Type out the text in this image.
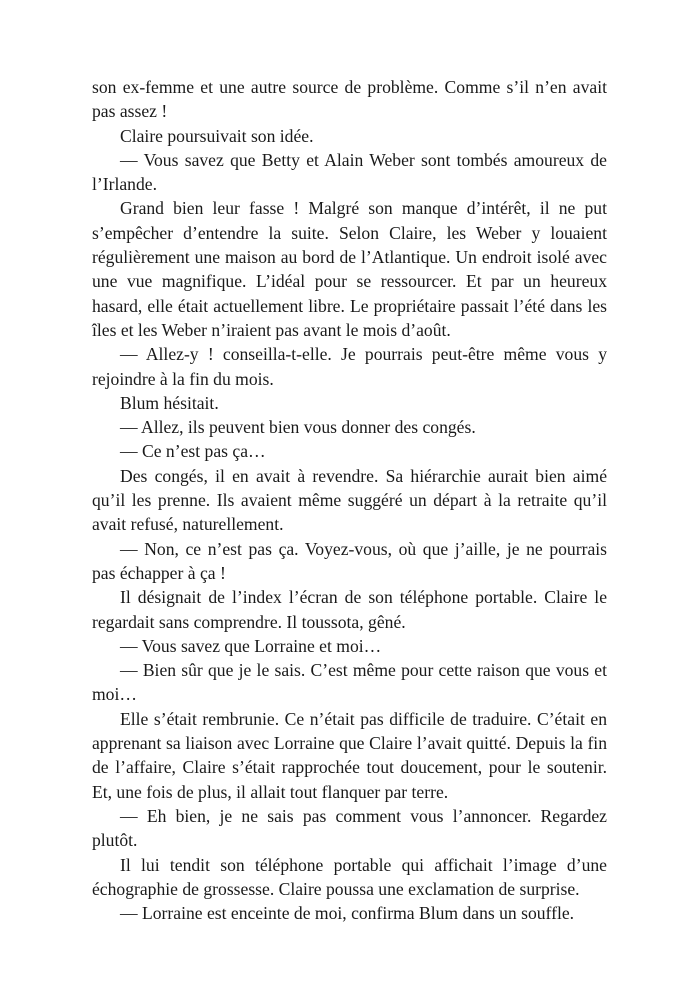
son ex-femme et une autre source de problème. Comme s’il n’en avait pas assez !

Claire poursuivait son idée.

— Vous savez que Betty et Alain Weber sont tombés amoureux de l’Irlande.

Grand bien leur fasse ! Malgré son manque d’intérêt, il ne put s’empêcher d’entendre la suite. Selon Claire, les Weber y louaient régulièrement une maison au bord de l’Atlantique. Un endroit isolé avec une vue magnifique. L’idéal pour se ressourcer. Et par un heureux hasard, elle était actuellement libre. Le propriétaire passait l’été dans les îles et les Weber n’iraient pas avant le mois d’août.

— Allez-y ! conseilla-t-elle. Je pourrais peut-être même vous y rejoindre à la fin du mois.

Blum hésitait.

— Allez, ils peuvent bien vous donner des congés.

— Ce n’est pas ça…

Des congés, il en avait à revendre. Sa hiérarchie aurait bien aimé qu’il les prenne. Ils avaient même suggéré un départ à la retraite qu’il avait refusé, naturellement.

— Non, ce n’est pas ça. Voyez-vous, où que j’aille, je ne pourrais pas échapper à ça !

Il désignait de l’index l’écran de son téléphone portable. Claire le regardait sans comprendre. Il toussota, gêné.

— Vous savez que Lorraine et moi…

— Bien sûr que je le sais. C’est même pour cette raison que vous et moi…

Elle s’était rembrunie. Ce n’était pas difficile de traduire. C’était en apprenant sa liaison avec Lorraine que Claire l’avait quitté. Depuis la fin de l’affaire, Claire s’était rapprochée tout doucement, pour le soutenir. Et, une fois de plus, il allait tout flanquer par terre.

— Eh bien, je ne sais pas comment vous l’annoncer. Regardez plutôt.

Il lui tendit son téléphone portable qui affichait l’image d’une échographie de grossesse. Claire poussa une exclamation de surprise.

— Lorraine est enceinte de moi, confirma Blum dans un souffle.
